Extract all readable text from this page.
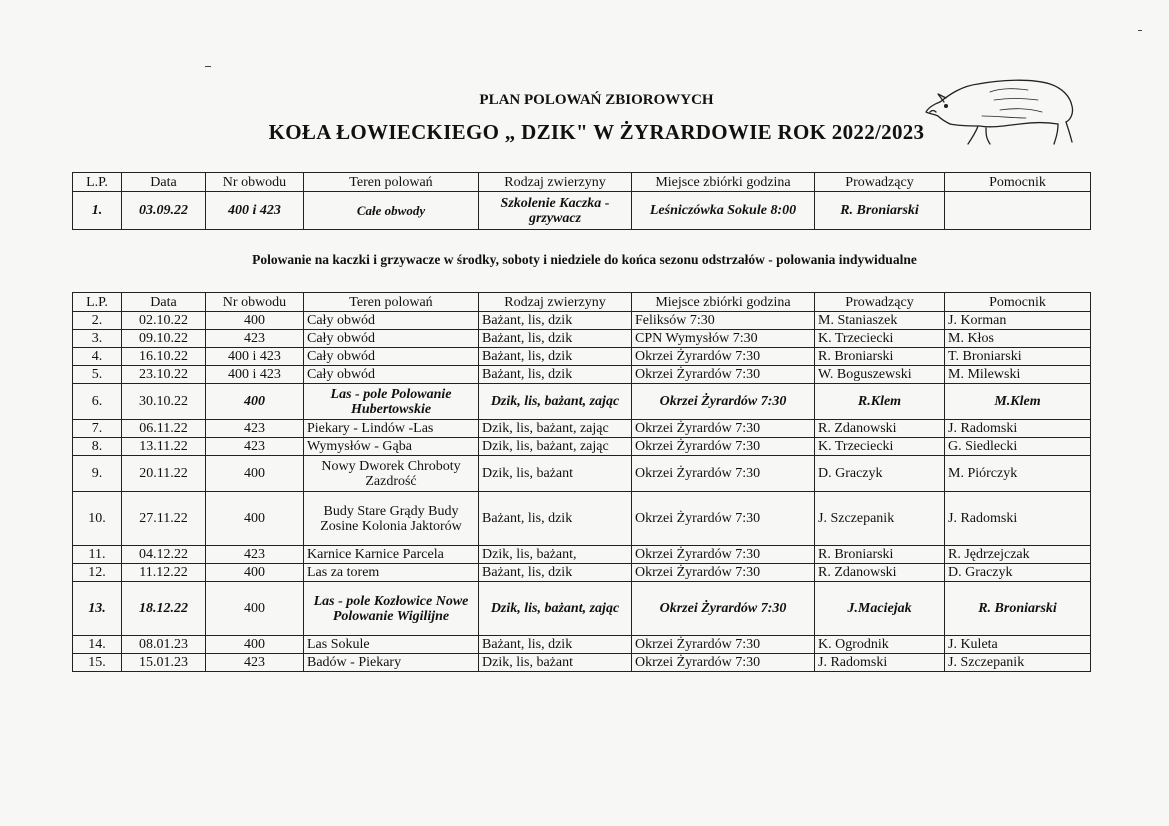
PLAN POLOWAŃ ZBIOROWYCH
KOŁA ŁOWIECKIEGO „ DZIK" W ŻYRARDOWIE ROK 2022/2023
L.P.	Data	Nr obwodu	Teren polowań	Rodzaj zwierzyny	Miejsce zbiórki godzina	Prowadzący	Pomocnik
1.	03.09.22	400 i 423	Całe obwody	Szkolenie Kaczka - grzywacz	Leśniczówka Sokule 8:00	R. Broniarski	
Polowanie na kaczki i grzywacze w środky, soboty i niedziele do końca sezonu odstrzałów - polowania indywidualne
L.P.	Data	Nr obwodu	Teren polowań	Rodzaj zwierzyny	Miejsce zbiórki godzina	Prowadzący	Pomocnik
2.	02.10.22	400	Cały obwód	Bażant, lis, dzik	Feliksów 7:30	M. Staniaszek	J. Korman
3.	09.10.22	423	Cały obwód	Bażant, lis, dzik	CPN Wymysłów 7:30	K. Trzeciecki	M. Kłos
4.	16.10.22	400 i 423	Cały obwód	Bażant, lis, dzik	Okrzei Żyrardów 7:30	R. Broniarski	T. Broniarski
5.	23.10.22	400 i 423	Cały obwód	Bażant, lis, dzik	Okrzei Żyrardów 7:30	W. Boguszewski	M. Milewski
6.	30.10.22	400	Las - pole Polowanie Hubertowskie	Dzik, lis, bażant, zając	Okrzei Żyrardów 7:30	R.Klem	M.Klem
7.	06.11.22	423	Piekary - Lindów -Las	Dzik, lis, bażant, zając	Okrzei Żyrardów 7:30	R. Zdanowski	J. Radomski
8.	13.11.22	423	Wymysłów - Gąba	Dzik, lis, bażant, zając	Okrzei Żyrardów 7:30	K. Trzeciecki	G. Siedlecki
9.	20.11.22	400	Nowy Dworek Chroboty Zazdrość	Dzik, lis, bażant	Okrzei Żyrardów 7:30	D. Graczyk	M. Piórczyk
10.	27.11.22	400	Budy Stare Grądy Budy Zosine Kolonia Jaktorów	Bażant, lis, dzik	Okrzei Żyrardów 7:30	J. Szczepanik	J. Radomski
11.	04.12.22	423	Karnice Karnice Parcela	Dzik, lis, bażant,	Okrzei Żyrardów 7:30	R. Broniarski	R. Jędrzejczak
12.	11.12.22	400	Las za torem	Bażant, lis, dzik	Okrzei Żyrardów 7:30	R. Zdanowski	D. Graczyk
13.	18.12.22	400	Las - pole Kozłowice Nowe Polowanie Wigilijne	Dzik, lis, bażant, zając	Okrzei Żyrardów 7:30	J.Maciejak	R. Broniarski
14.	08.01.23	400	Las Sokule	Bażant, lis, dzik	Okrzei Żyrardów 7:30	K. Ogrodnik	J. Kuleta
15.	15.01.23	423	Badów - Piekary	Dzik, lis, bażant	Okrzei Żyrardów 7:30	J. Radomski	J. Szczepanik
